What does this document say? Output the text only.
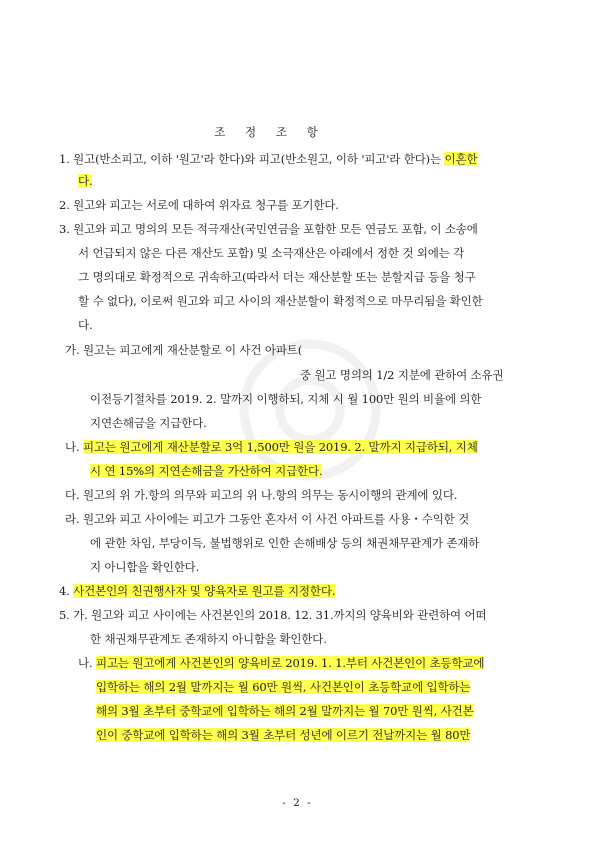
조 정 조 항
1. 원고(반소피고, 이하 '원고'라 한다)와 피고(반소원고, 이하 '피고'라 한다)는 이혼한
다.
2. 원고와 피고는 서로에 대하여 위자료 청구를 포기한다.
3. 원고와 피고 명의의 모든 적극재산(국민연금을 포함한 모든 연금도 포함, 이 소송에
서 언급되지 않은 다른 재산도 포함) 및 소극재산은 아래에서 정한 것 외에는 각
그 명의대로 확정적으로 귀속하고(따라서 더는 재산분할 또는 분할지급 등을 청구
할 수 없다), 이로써 원고와 피고 사이의 재산분할이 확정적으로 마무리됨을 확인한
다.
가. 원고는 피고에게 재산분할로 이 사건 아파트(
중 원고 명의의 1/2 지분에 관하여 소유권
이전등기절차를 2019. 2. 말까지 이행하되, 지체 시 월 100만 원의 비율에 의한
지연손해금을 지급한다.
나. 피고는 원고에게 재산분할로 3억 1,500만 원을 2019. 2. 말까지 지급하되, 지체
시 연 15%의 지연손해금을 가산하여 지급한다.
다. 원고의 위 가.항의 의무와 피고의 위 나.항의 의무는 동시이행의 관계에 있다.
라. 원고와 피고 사이에는 피고가 그동안 혼자서 이 사건 아파트를 사용・수익한 것
에 관한 차임, 부당이득, 불법행위로 인한 손해배상 등의 채권채무관계가 존재하
지 아니함을 확인한다.
4. 사건본인의 친권행사자 및 양육자로 원고를 지정한다.
5. 가. 원고와 피고 사이에는 사건본인의 2018. 12. 31.까지의 양육비와 관련하여 어떠
한 채권채무관계도 존재하지 아니함을 확인한다.
나. 피고는 원고에게 사건본인의 양육비로 2019. 1. 1.부터 사건본인이 초등학교에
입학하는 해의 2월 말까지는 월 60만 원씩, 사건본인이 초등학교에 입학하는
해의 3월 초부터 중학교에 입학하는 해의 2월 말까지는 월 70만 원씩, 사건본
인이 중학교에 입학하는 해의 3월 초부터 성년에 이르기 전날까지는 월 80만
- 2 -
